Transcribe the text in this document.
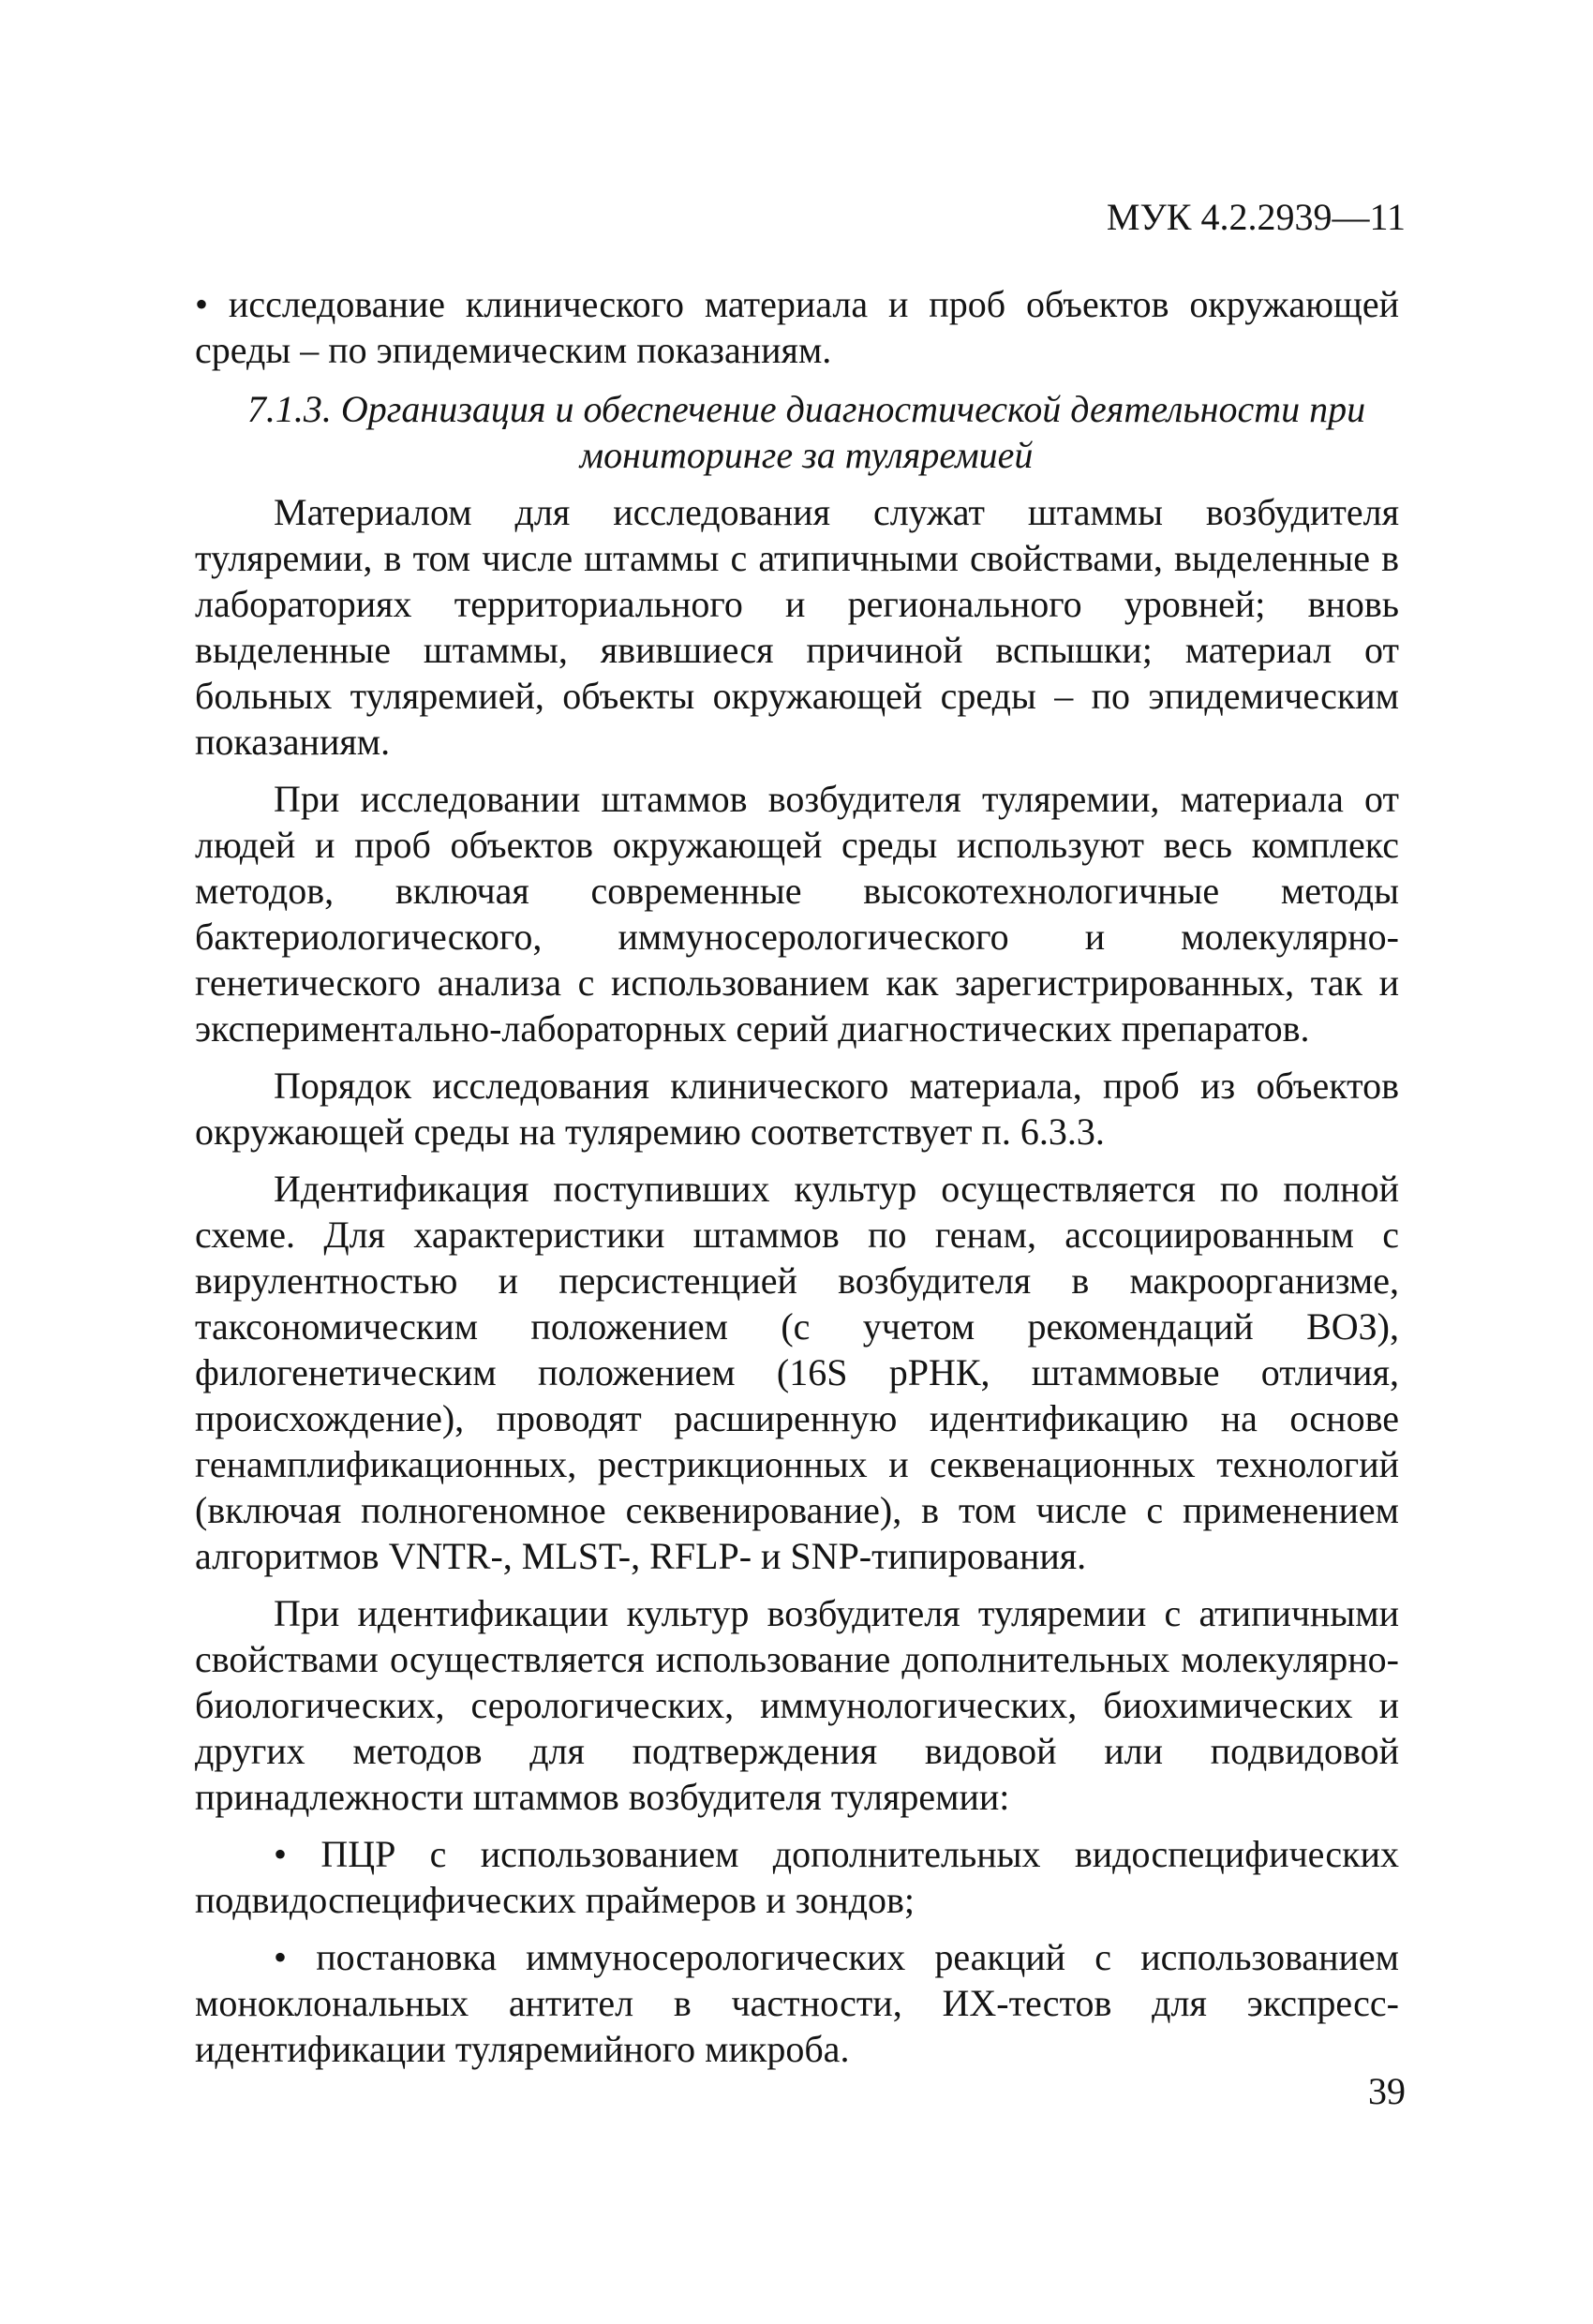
МУК 4.2.2939—11

• исследование клинического материала и проб объектов окружающей среды – по эпидемическим показаниям.

7.1.3. Организация и обеспечение диагностической деятельности при мониторинге за туляремией

Материалом для исследования служат штаммы возбудителя туляремии, в том числе штаммы с атипичными свойствами, выделенные в лабораториях территориального и регионального уровней; вновь выделенные штаммы, явившиеся причиной вспышки; материал от больных туляремией, объекты окружающей среды – по эпидемическим показаниям.

При исследовании штаммов возбудителя туляремии, материала от людей и проб объектов окружающей среды используют весь комплекс методов, включая современные высокотехнологичные методы бактериологического, иммуносерологического и молекулярно-генетического анализа с использованием как зарегистрированных, так и экспериментально-лабораторных серий диагностических препаратов.

Порядок исследования клинического материала, проб из объектов окружающей среды на туляремию соответствует п. 6.3.3.

Идентификация поступивших культур осуществляется по полной схеме. Для характеристики штаммов по генам, ассоциированным с вирулентностью и персистенцией возбудителя в макроорганизме, таксономическим положением (с учетом рекомендаций ВОЗ), филогенетическим положением (16S рРНК, штаммовые отличия, происхождение), проводят расширенную идентификацию на основе генамплификационных, рестрикционных и секвенационных технологий (включая полногеномное секвенирование), в том числе с применением алгоритмов VNTR-, MLST-, RFLP- и SNP-типирования.

При идентификации культур возбудителя туляремии с атипичными свойствами осуществляется использование дополнительных молекулярно-биологических, серологических, иммунологических, биохимических и других методов для подтверждения видовой или подвидовой принадлежности штаммов возбудителя туляремии:

• ПЦР с использованием дополнительных видоспецифических подвидоспецифических праймеров и зондов;

• постановка иммуносерологических реакций с использованием моноклональных антител в частности, ИХ-тестов для экспресс-идентификации туляремийного микроба.

39
